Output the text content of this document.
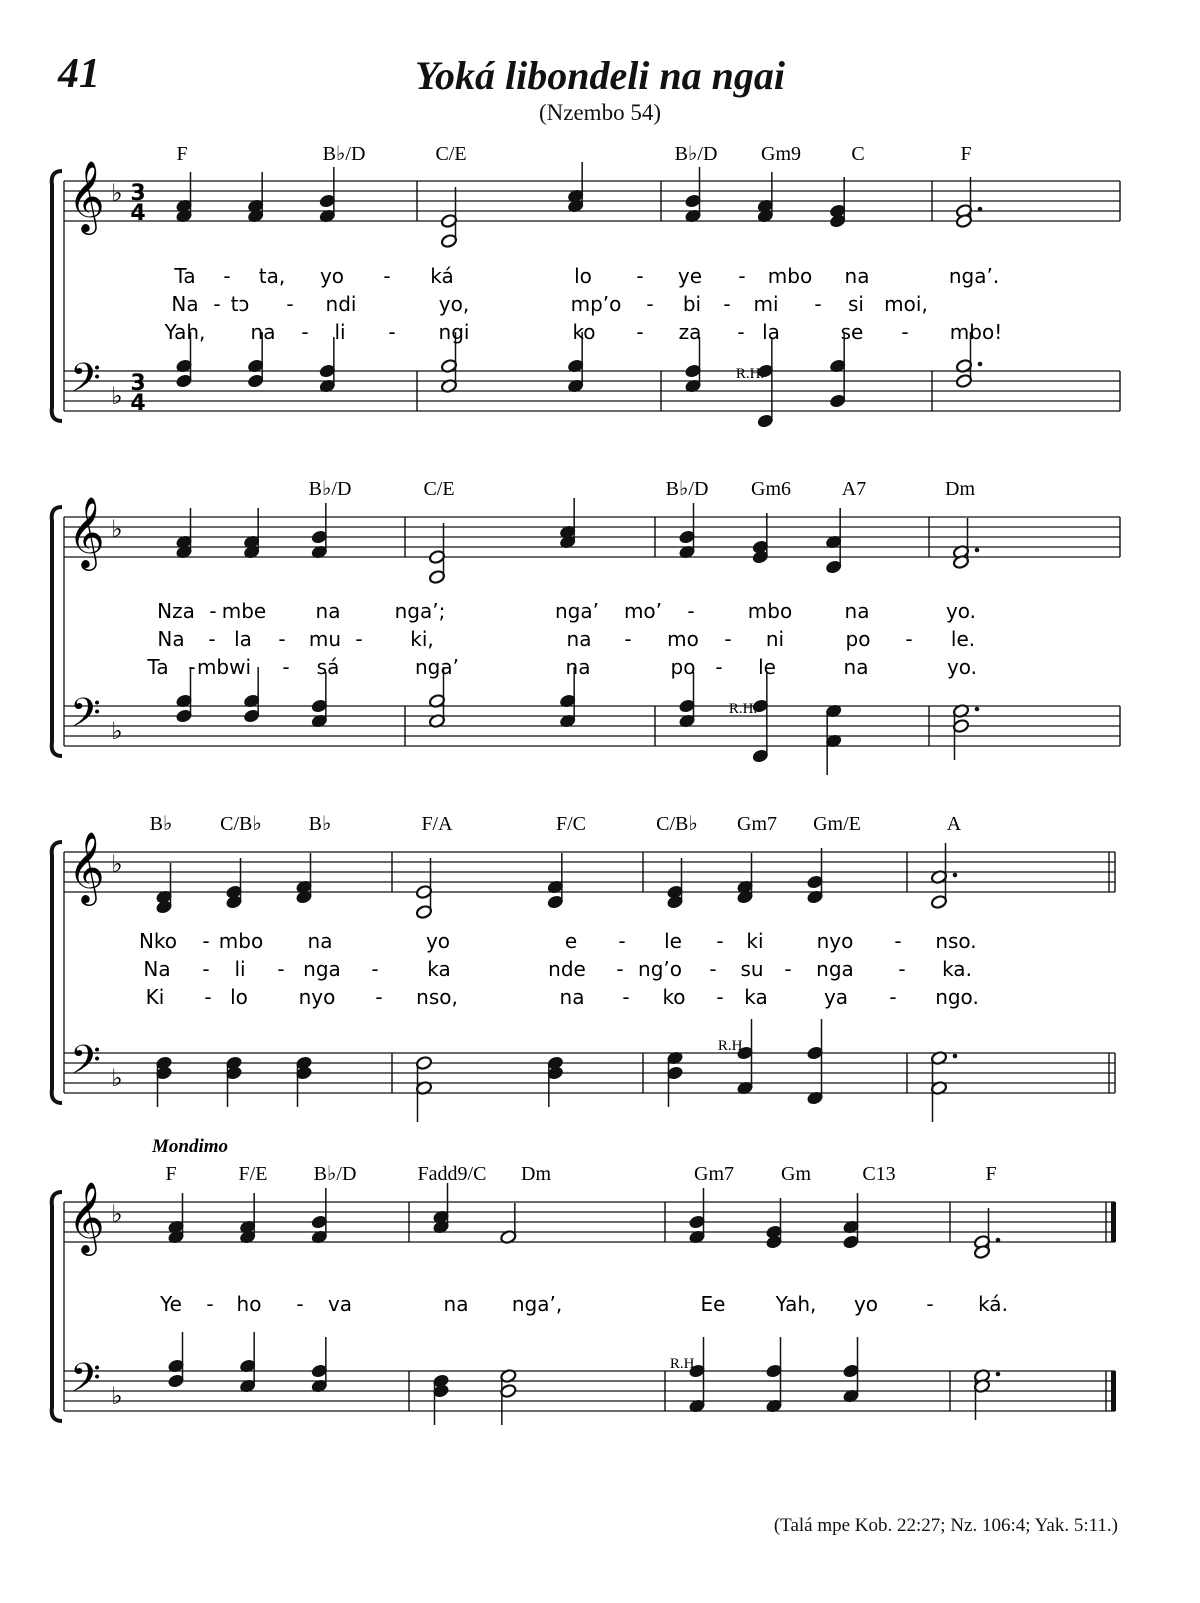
41	Yoká libondeli na ngai
(Nzembo 54)
𝄞 ♭ 3
4
𝄢 ♭ 3
4
F	B♭/D	C/E	B♭/D Gm9	C	F
Ta - ta, yo - ká	lo - ye - mbo na	nga’.
Na - tɔ - ndi	yo,	mp’o - bi - mi - si moi,
Yah, na - li - ngi	ko - za - la	se - mbo!
R.H.
𝄞 ♭
𝄢 ♭
B♭/D	C/E	B♭/D Gm6	A7	Dm
Nza - mbe na	nga’;	nga’ mo’ -	mbo	na	yo.
Na - la - mu - ki,	na - mo - ni	po - le.
Ta - mbwi - sá	nga’	na	po - le	na	yo.
R.H.
𝄞 ♭
𝄢 ♭
B♭ C/B♭ B♭	F/A	F/C	C/B♭ Gm7 Gm/E	A
Nko - mbo na	yo	e - le - ki	nyo - nso.
Na - li - nga - ka	nde - ng’o - su - nga - ka.
Ki - lo	nyo - nso,	na - ko - ka	ya - ngo.
R.H.
𝄞 ♭
𝄢 ♭
F	F/E B♭/D	Fadd9/C Dm	Gm7 Gm	C13	F
Mondimo
Ye - ho - va	na nga’,	Ee	Yah, yo - ká.
R.H.
(Talá mpe Kob. 22:27; Nz. 106:4; Yak. 5:11.)
